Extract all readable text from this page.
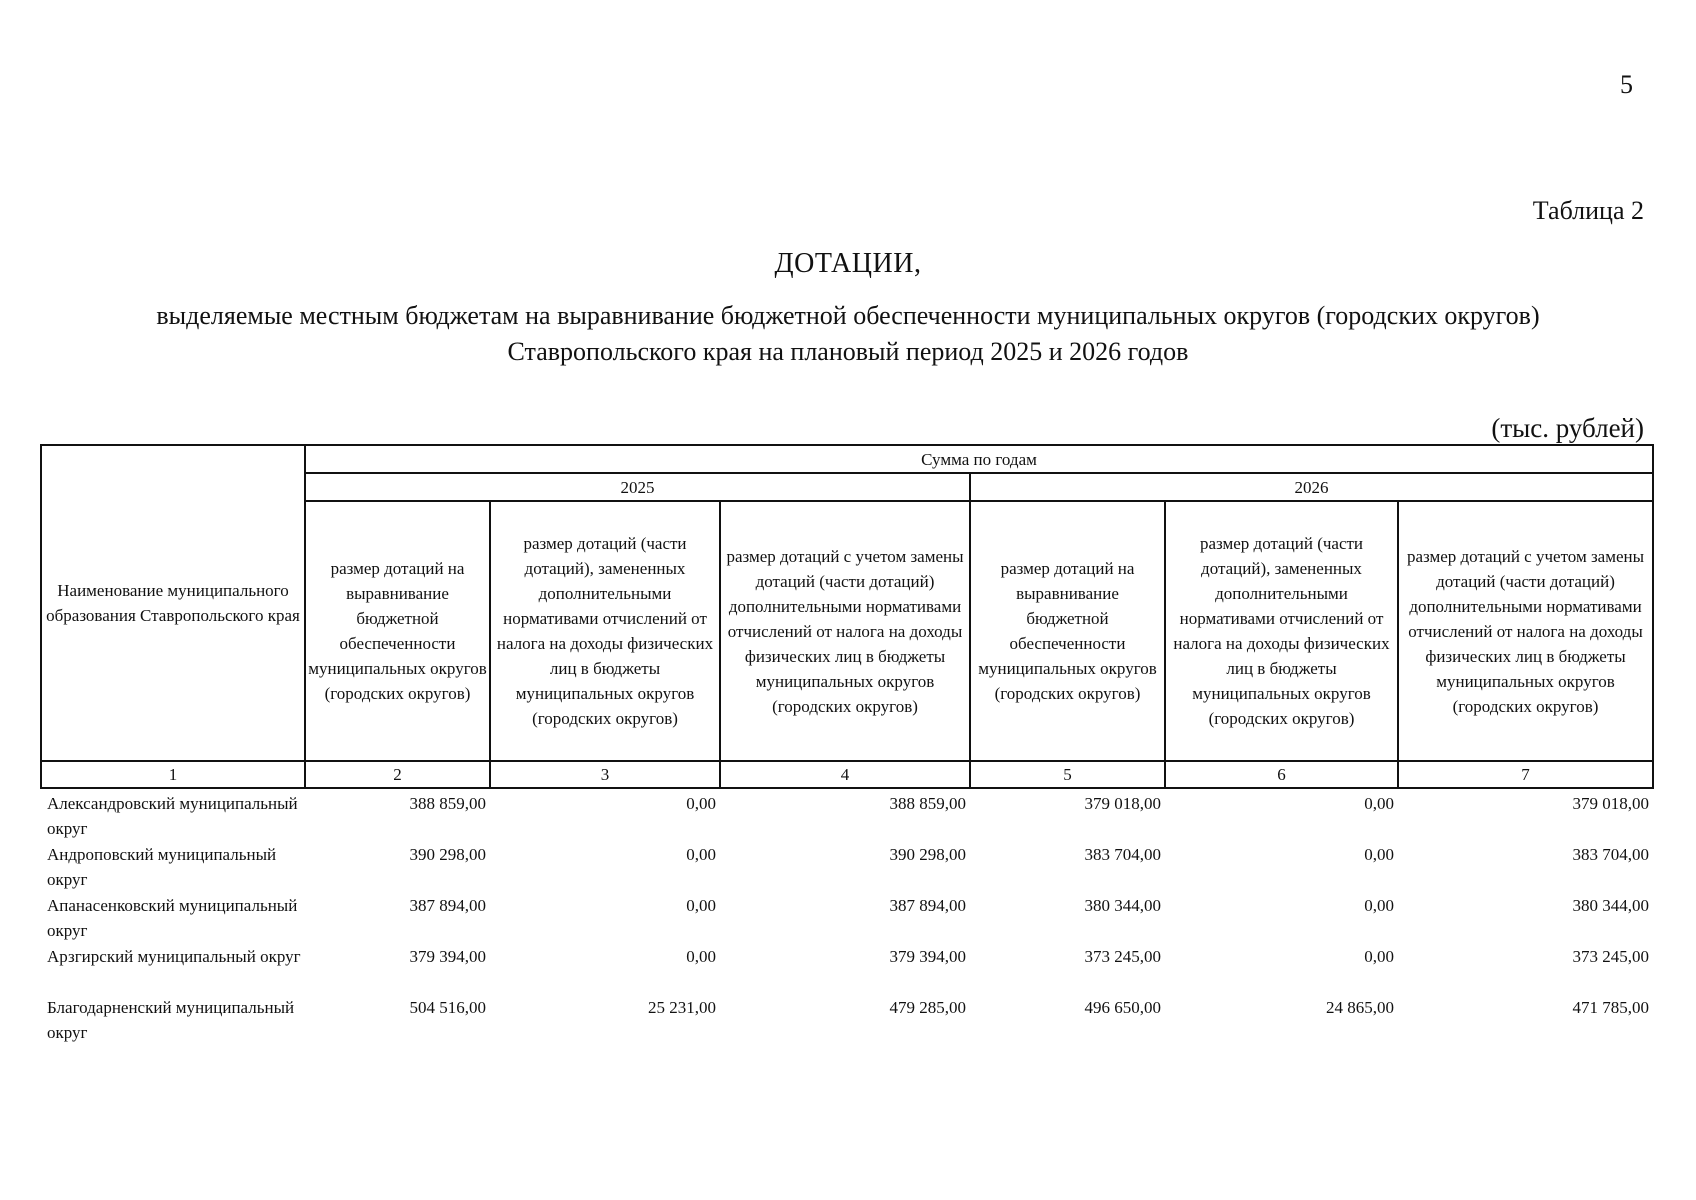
5
Таблица 2
ДОТАЦИИ,
выделяемые местным бюджетам на выравнивание бюджетной обеспеченности муниципальных округов (городских округов)
Ставропольского края на плановый период 2025 и 2026 годов
(тыс. рублей)
Наименование муниципального образования Ставропольского края	Сумма по годам					
	2025			2026		
	размер дотаций на выравнивание бюджетной обеспеченности муниципальных округов (городских округов)	размер дотаций (части дотаций), замененных дополнительными нормативами отчислений от налога на доходы физических лиц в бюджеты муниципальных округов (городских округов)	размер дотаций с учетом замены дотаций (части дотаций) дополнительными нормативами отчислений от налога на доходы физических лиц в бюджеты муниципальных округов (городских округов)	размер дотаций на выравнивание бюджетной обеспеченности муниципальных округов (городских округов)	размер дотаций (части дотаций), замененных дополнительными нормативами отчислений от налога на доходы физических лиц в бюджеты муниципальных округов (городских округов)	размер дотаций с учетом замены дотаций (части дотаций) дополнительными нормативами отчислений от налога на доходы физических лиц в бюджеты муниципальных округов (городских округов)
1	2	3	4	5	6	7
Александровский муниципальный округ	388 859,00	0,00	388 859,00	379 018,00	0,00	379 018,00
Андроповский муниципальный округ	390 298,00	0,00	390 298,00	383 704,00	0,00	383 704,00
Апанасенковский муниципальный округ	387 894,00	0,00	387 894,00	380 344,00	0,00	380 344,00
Арзгирский муниципальный округ	379 394,00	0,00	379 394,00	373 245,00	0,00	373 245,00
Благодарненский муниципальный округ	504 516,00	25 231,00	479 285,00	496 650,00	24 865,00	471 785,00
